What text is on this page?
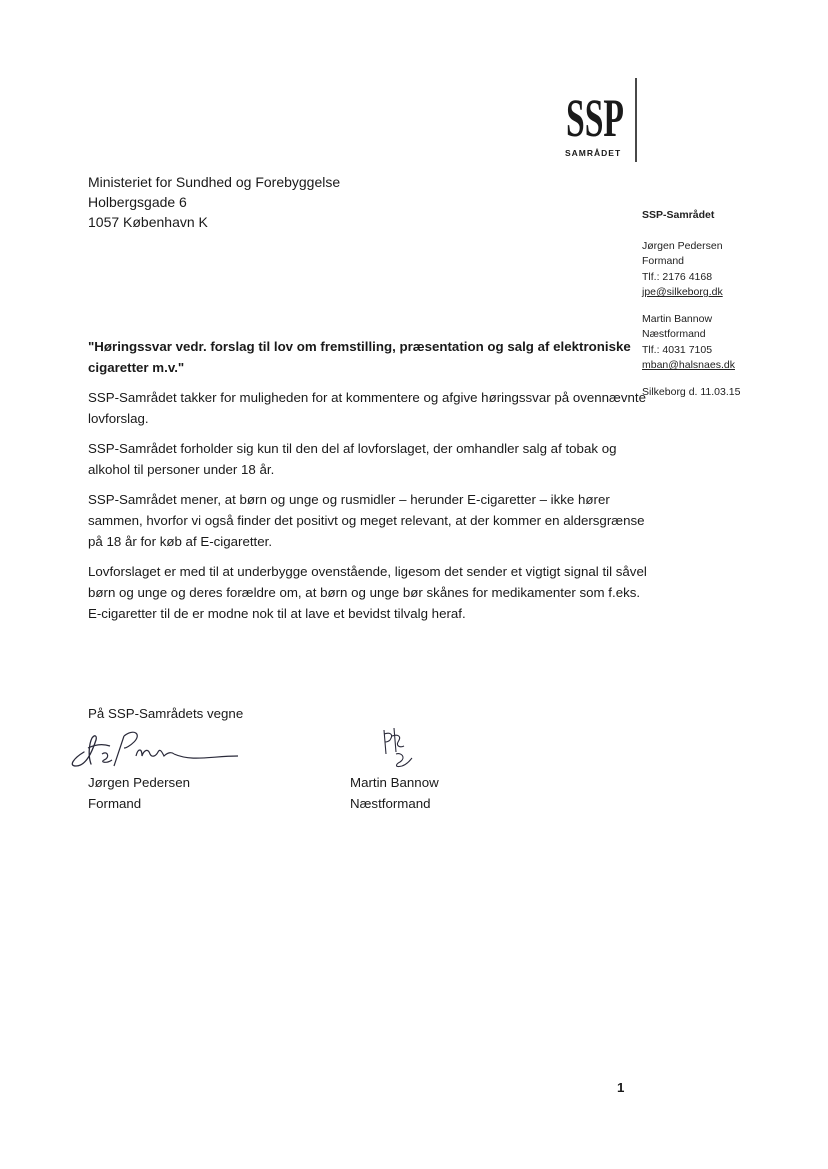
SSP
SAMRÅDET
Ministeriet for Sundhed og Forebyggelse
Holbergsgade 6
1057 København K	SSP-Samrådet
Jørgen Pedersen
Formand
Tlf.: 2176 4168
jpe@silkeborg.dk
Martin Bannow
Næstformand
Tlf.: 4031 7105
mban@halsnaes.dk
Silkeborg d. 11.03.15
"Høringssvar vedr. forslag til lov om fremstilling, præsentation og salg af elektroniske cigaretter m.v."

SSP-Samrådet takker for muligheden for at kommentere og afgive høringssvar på ovennævnte lovforslag.

SSP-Samrådet forholder sig kun til den del af lovforslaget, der omhandler salg af tobak og alkohol til personer under 18 år.

SSP-Samrådet mener, at børn og unge og rusmidler – herunder E-cigaretter – ikke hører sammen, hvorfor vi også finder det positivt og meget relevant, at der kommer en aldersgrænse på 18 år for køb af E-cigaretter.

Lovforslaget er med til at underbygge ovenstående, ligesom det sender et vigtigt signal til såvel børn og unge og deres forældre om, at børn og unge bør skånes for medikamenter som f.eks. E-cigaretter til de er modne nok til at lave et bevidst tilvalg heraf.

På SSP-Samrådets vegne
Jørgen Pedersen
Formand
Martin Bannow
Næstformand
1
